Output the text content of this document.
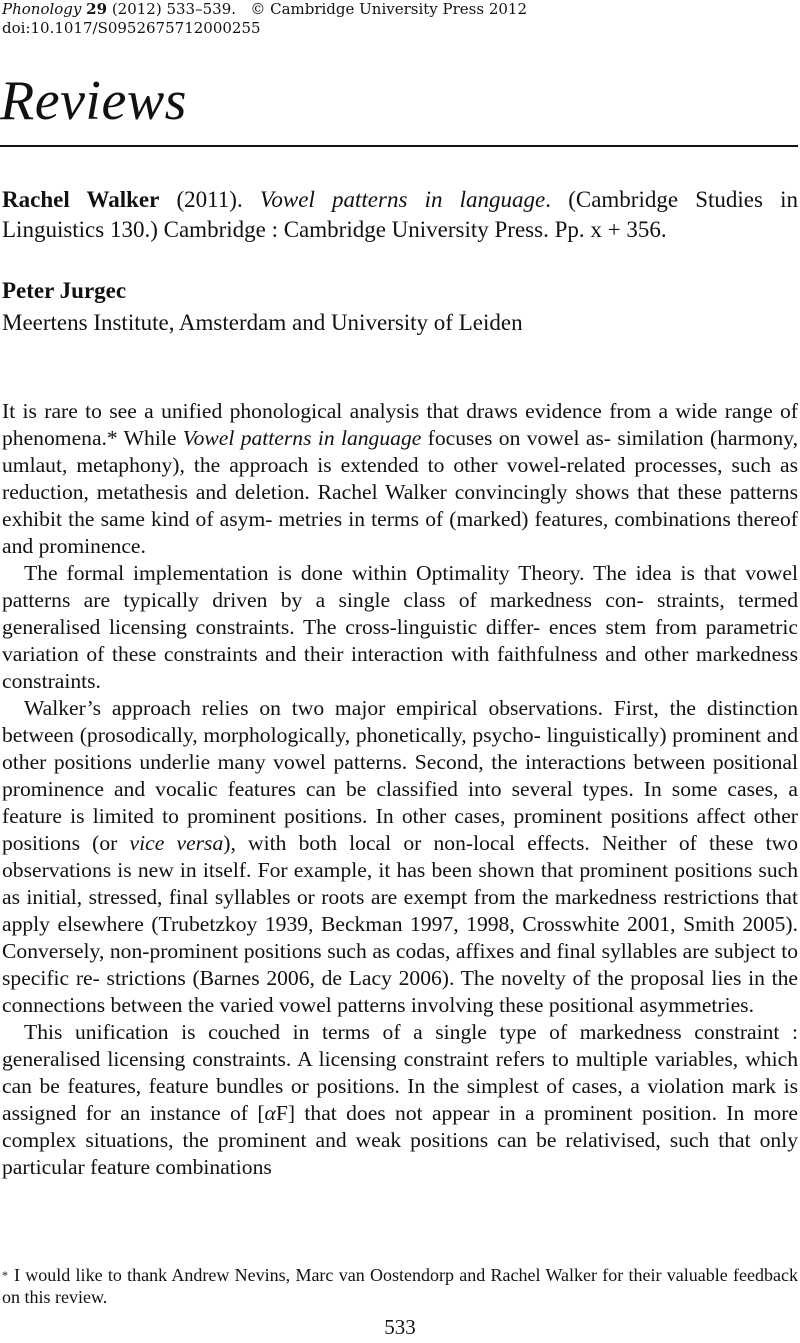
Phonology 29 (2012) 533–539. © Cambridge University Press 2012
doi:10.1017/S0952675712000255
Reviews
Rachel Walker (2011). Vowel patterns in language. (Cambridge Studies in Linguistics 130.) Cambridge : Cambridge University Press. Pp. x + 356.
Peter Jurgec
Meertens Institute, Amsterdam and University of Leiden

It is rare to see a unified phonological analysis that draws evidence from a wide range of phenomena.* While Vowel patterns in language focuses on vowel as- similation (harmony, umlaut, metaphony), the approach is extended to other vowel-related processes, such as reduction, metathesis and deletion. Rachel Walker convincingly shows that these patterns exhibit the same kind of asym- metries in terms of (marked) features, combinations thereof and prominence.

The formal implementation is done within Optimality Theory. The idea is that vowel patterns are typically driven by a single class of markedness con- straints, termed generalised licensing constraints. The cross-linguistic differ- ences stem from parametric variation of these constraints and their interaction with faithfulness and other markedness constraints.

Walker’s approach relies on two major empirical observations. First, the distinction between (prosodically, morphologically, phonetically, psycho- linguistically) prominent and other positions underlie many vowel patterns. Second, the interactions between positional prominence and vocalic features can be classified into several types. In some cases, a feature is limited to prominent positions. In other cases, prominent positions affect other positions (or vice versa), with both local or non-local effects. Neither of these two observations is new in itself. For example, it has been shown that prominent positions such as initial, stressed, final syllables or roots are exempt from the markedness restrictions that apply elsewhere (Trubetzkoy 1939, Beckman 1997, 1998, Crosswhite 2001, Smith 2005). Conversely, non-prominent positions such as codas, affixes and final syllables are subject to specific re- strictions (Barnes 2006, de Lacy 2006). The novelty of the proposal lies in the connections between the varied vowel patterns involving these positional asymmetries.

This unification is couched in terms of a single type of markedness constraint : generalised licensing constraints. A licensing constraint refers to multiple variables, which can be features, feature bundles or positions. In the simplest of cases, a violation mark is assigned for an instance of [αF] that does not appear in a prominent position. In more complex situations, the prominent and weak positions can be relativised, such that only particular feature combinations

* I would like to thank Andrew Nevins, Marc van Oostendorp and Rachel Walker for their valuable feedback on this review.
533
